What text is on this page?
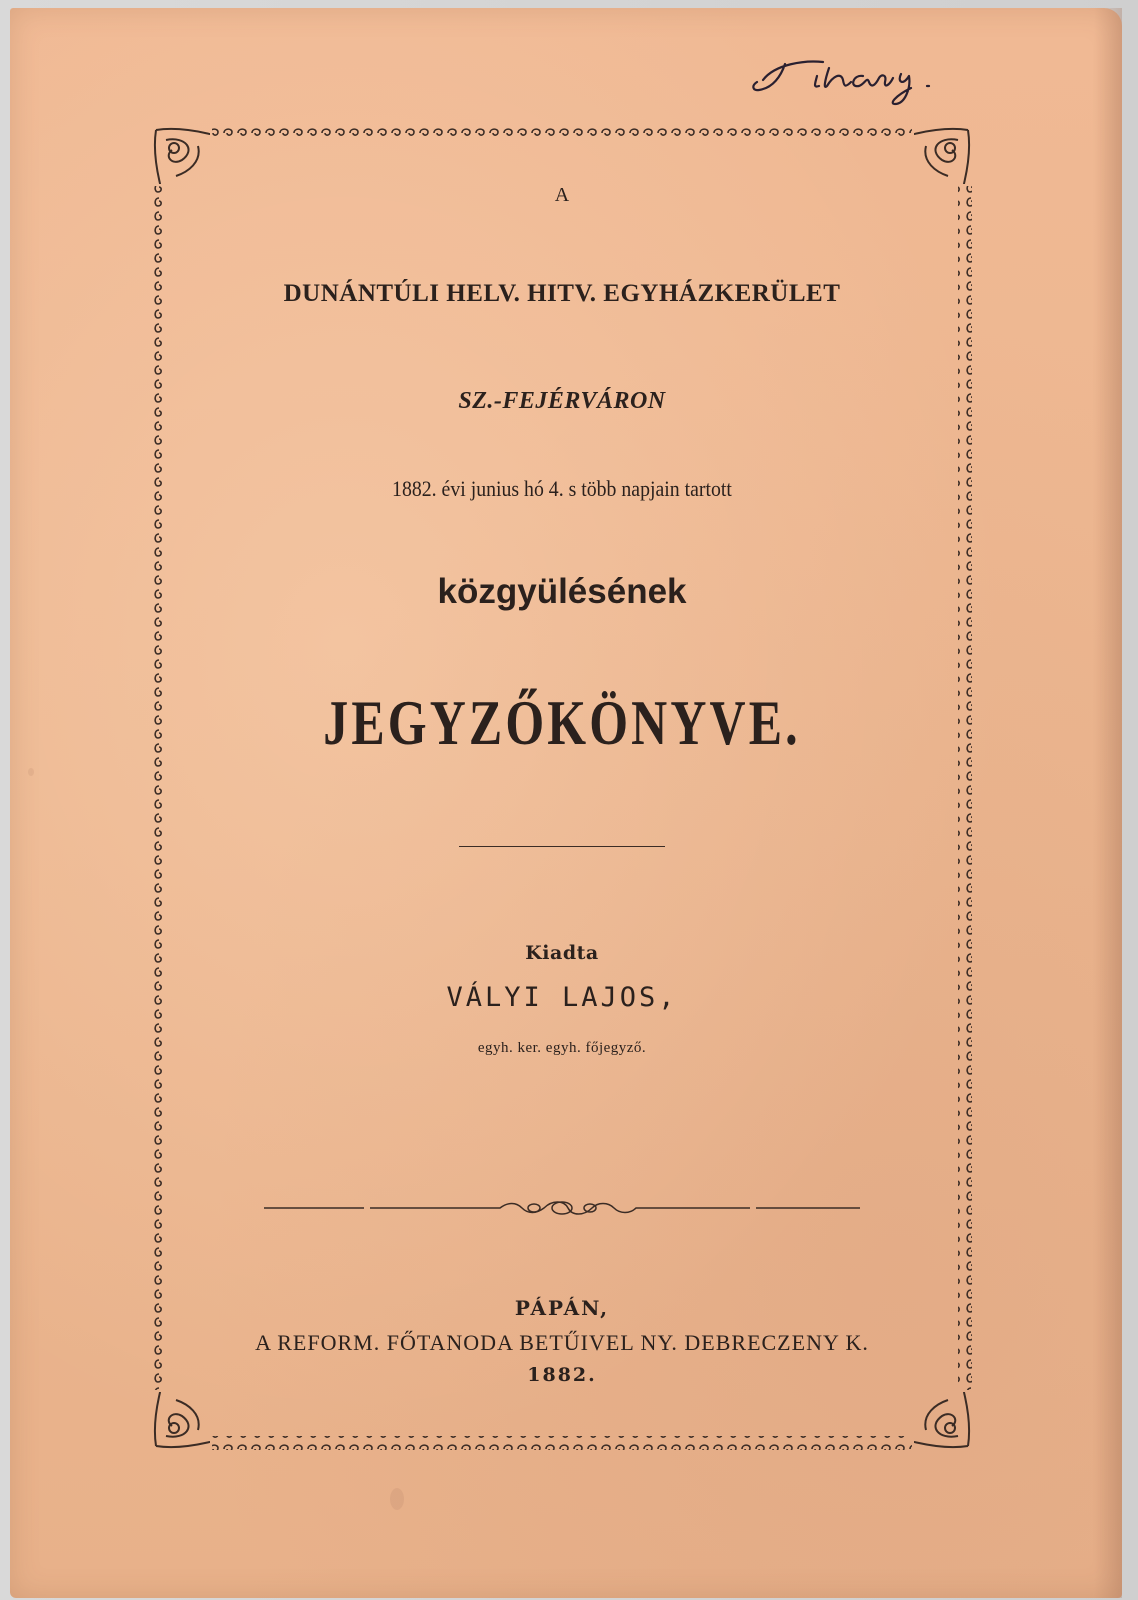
A
DUNÁNTÚLI HELV. HITV. EGYHÁZKERÜLET
SZ.-FEJÉRVÁRON
1882. évi junius hó 4. s több napjain tartott
közgyülésének
JEGYZŐKÖNYVE.
Kiadta
VÁLYI LAJOS,
egyh. ker. egyh. főjegyző.
PÁPÁN,
A REFORM. FŐTANODA BETŰIVEL NY. DEBRECZENY K.
1882.
